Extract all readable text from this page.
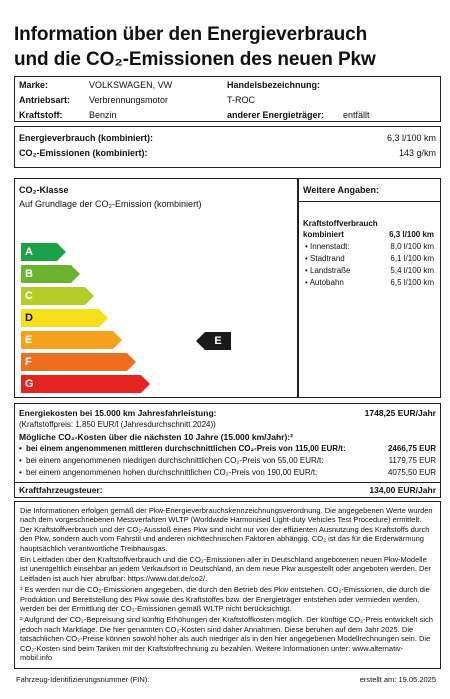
Information über den Energieverbrauch
und die CO₂-Emissionen des neuen Pkw
Marke:	VOLKSWAGEN, VW
Antriebsart: Verbrennungsmotor
Kraftstoff:	Benzin
Handelsbezeichnung:
T-ROC
anderer Energieträger: entfällt
Energieverbrauch (kombiniert):	6,3 l/100 km
CO₂-Emissionen (kombiniert):	143 g/km
CO₂-Klasse
Auf Grundlage der CO₂-Emission (kombiniert)
A
B
C
D
E	E
F
G
Weitere Angaben:
Kraftstoffverbrauch
kombiniert	6,3 l/100 km
• Innenstadt:	8,0 l/100 km
• Stadtrand	6,1 l/100 km
• Landstraße	5,4 l/100 km
• Autobahn	6,5 l/100 km
Energiekosten bei 15.000 km Jahresfahrleistung:	1748,25 EUR/Jahr
(Kraftstoffpreis: 1,850 EUR/l (Jahresdurchschnitt 2024))
Mögliche CO₂-Kosten über die nächsten 10 Jahre (15.000 km/Jahr):²
• bei einem angenommenen mittleren durchschnittlichen CO₂-Preis von 115,00 EUR/t:	2466,75 EUR
• bei einem angenommenen niedrigen durchschnittlichen CO₂-Preis von 55,00 EUR/t:	1179,75 EUR
• bei einem angenommenen hohen durchschnittlichen CO₂-Preis von 190,00 EUR/t:	4075,50 EUR
Kraftfahrzeugsteuer:	134,00 EUR/Jahr

Die Informationen erfolgen gemäß der Pkw-Energieverbrauchskennzeichnungsverordnung. Die angegebenen Werte wurden nach dem vorgeschriebenen Messverfahren WLTP (Worldwide Harmonised Light-duty Vehicles Test Procedure) ermittelt. Der Kraftstoffverbrauch und der CO₂-Ausstoß eines Pkw sind nicht nur von der effizienten Ausnutzung des Kraftstoffs durch den Pkw, sondern auch vom Fahrstil und anderen nichttechnischen Faktoren abhängig. CO₂ ist das für die Erderwärmung hauptsächlich verantwortliche Treibhausgas.

Ein Leitfaden über den Kraftstoffverbrauch und die CO₂-Emissionen aller in Deutschland angebotenen neuen Pkw-Modelle ist unentgeltlich einsehbar an jedem Verkaufsort in Deutschland, an dem neue Pkw ausgestellt oder angeboten werden. Der Leitfaden ist auch hier abrufbar: https://www.dat.de/co2/.

¹ Es werden nur die CO₂-Emissionen angegeben, die durch den Betrieb des Pkw entstehen. CO₂-Emissionen, die durch die Produktion und Bereitstellung des Pkw sowie des Kraftstoffes bzw. der Energieträger entstehen oder vermieden werden, werden bei der Ermittlung der CO₂-Emissionen gemäß WLTP nicht berücksichtigt.

² Aufgrund der CO₂-Bepreisung sind künftig Erhöhungen der Kraftstoffkosten möglich. Der künftige CO₂-Preis entwickelt sich jedoch nach Marktlage. Die hier genannten CO₂-Kosten sind daher Annahmen. Diese beruhen auf dem Jahr 2025. Die tatsächlichen CO₂-Preise können sowohl höher als auch niedriger als in den hier angegebenen Modellrechnungen sein. Die CO₂-Kosten sind beim Tanken mit der Kraftstoffrechnung zu bezahlen. Weitere Informationen unter: www.alternativ-mobil.info

Fahrzeug-Identifizierungsnummer (FIN):	erstellt am: 19.05.2025
